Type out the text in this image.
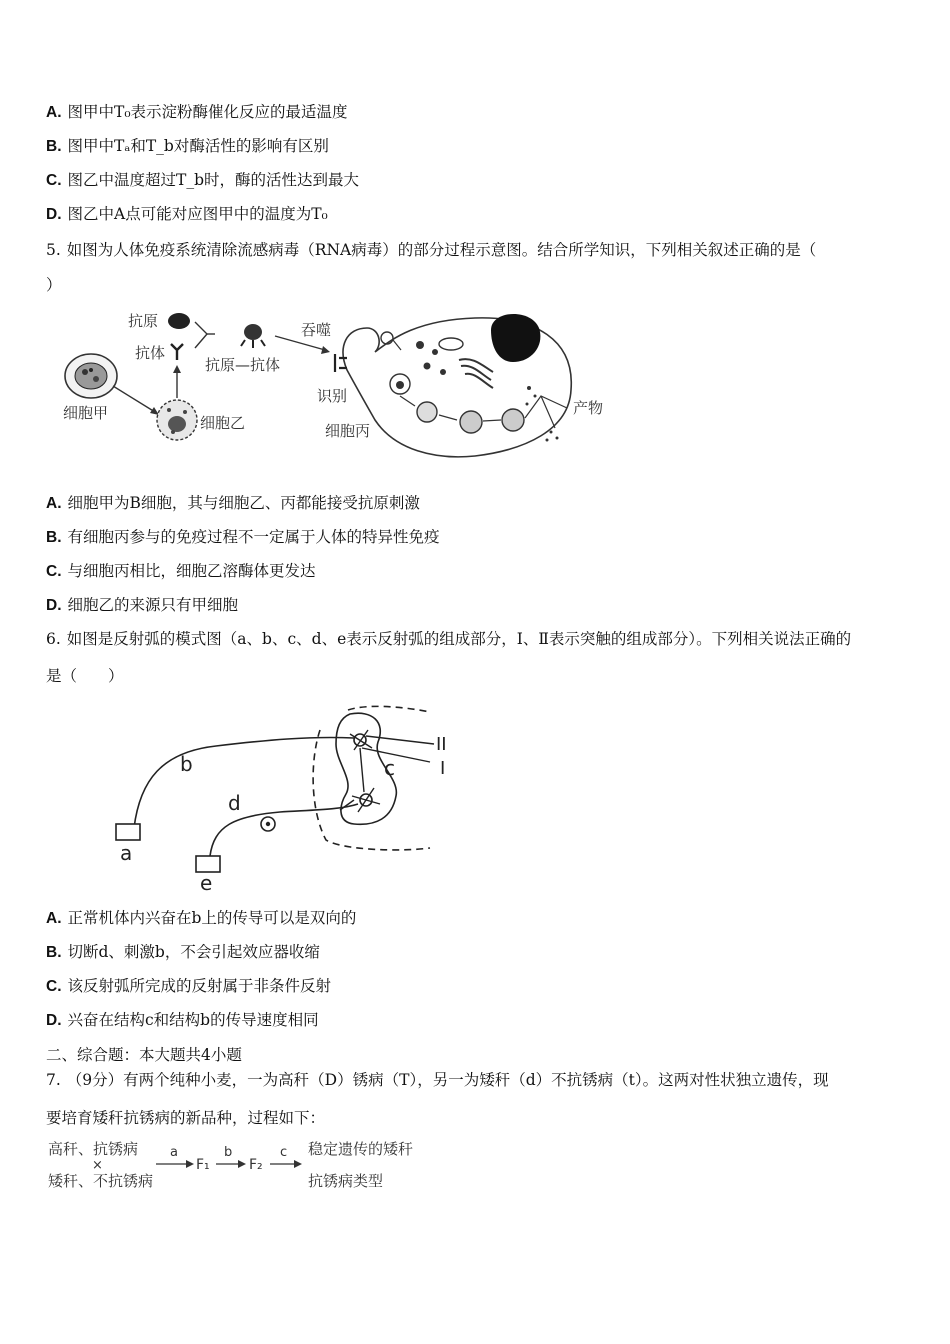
A. 图甲中T₀表示淀粉酶催化反应的最适温度
B. 图甲中Tₐ和T_b对酶活性的影响有区别
C. 图乙中温度超过T_b时，酶的活性达到最大
D. 图乙中A点可能对应图甲中的温度为T₀
5. 如图为人体免疫系统清除流感病毒（RNA病毒）的部分过程示意图。结合所学知识，下列相关叙述正确的是（
）
细胞甲
细胞乙
抗原
抗体
抗原—抗体
吞噬
识别
细胞丙
产物
A. 细胞甲为B细胞，其与细胞乙、丙都能接受抗原刺激
B. 有细胞丙参与的免疫过程不一定属于人体的特异性免疫
C. 与细胞丙相比，细胞乙溶酶体更发达
D. 细胞乙的来源只有甲细胞
6. 如图是反射弧的模式图（a、b、c、d、e表示反射弧的组成部分，Ⅰ、Ⅱ表示突触的组成部分）。下列相关说法正确的
是（　　）
a
b	c
d
e
II
I
A. 正常机体内兴奋在b上的传导可以是双向的
B. 切断d、刺激b，不会引起效应器收缩
C. 该反射弧所完成的反射属于非条件反射
D. 兴奋在结构c和结构b的传导速度相同
二、综合题：本大题共4小题
7. （9分）有两个纯种小麦，一为高秆（D）锈病（T），另一为矮秆（d）不抗锈病（t）。这两对性状独立遗传，现
要培育矮秆抗锈病的新品种，过程如下：
高秆、抗锈病
×
矮秆、不抗锈病
a
F₁
b
F₂
c 稳定遗传的矮秆
抗锈病类型
